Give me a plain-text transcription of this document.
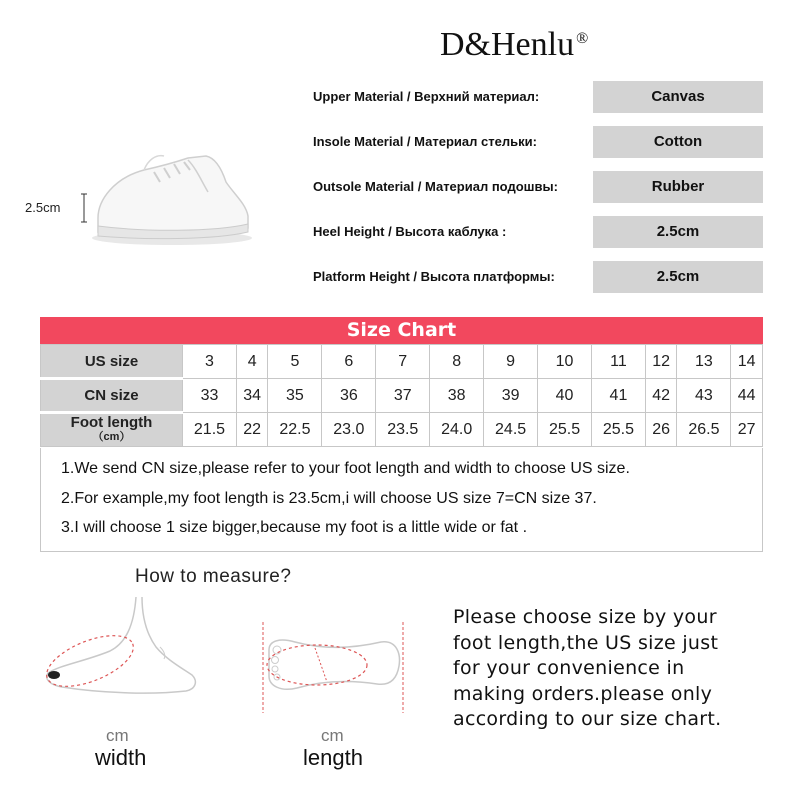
D&Henlu ®
2.5cm
Upper Material / Верхний материал:	Canvas
Insole Material / Материал стельки:	Cotton
Outsole Material / Материал подошвы:	Rubber
Heel Height / Высота каблука :	2.5cm
Platform Height / Высота платформы:	2.5cm
Size Chart
US size	3	4	5	6	7	8	9	10	11	12	13	14
CN size	33	34	35	36	37	38	39	40	41	42	43	44
Foot length
（cm）	21.5	22	22.5	23.0	23.5	24.0	24.5	25.5	25.5	26	26.5	27

1.We send CN size,please refer to your foot length and width to choose US size.

2.For example,my foot length is 23.5cm,i will choose US size 7=CN size 37.

3.I will choose 1 size bigger,because my foot is a little wide or fat .

How to measure?
cm
width
cm
length
Please choose size by your
foot length,the US size just
for your convenience in
making orders.please only
according to our size chart.
